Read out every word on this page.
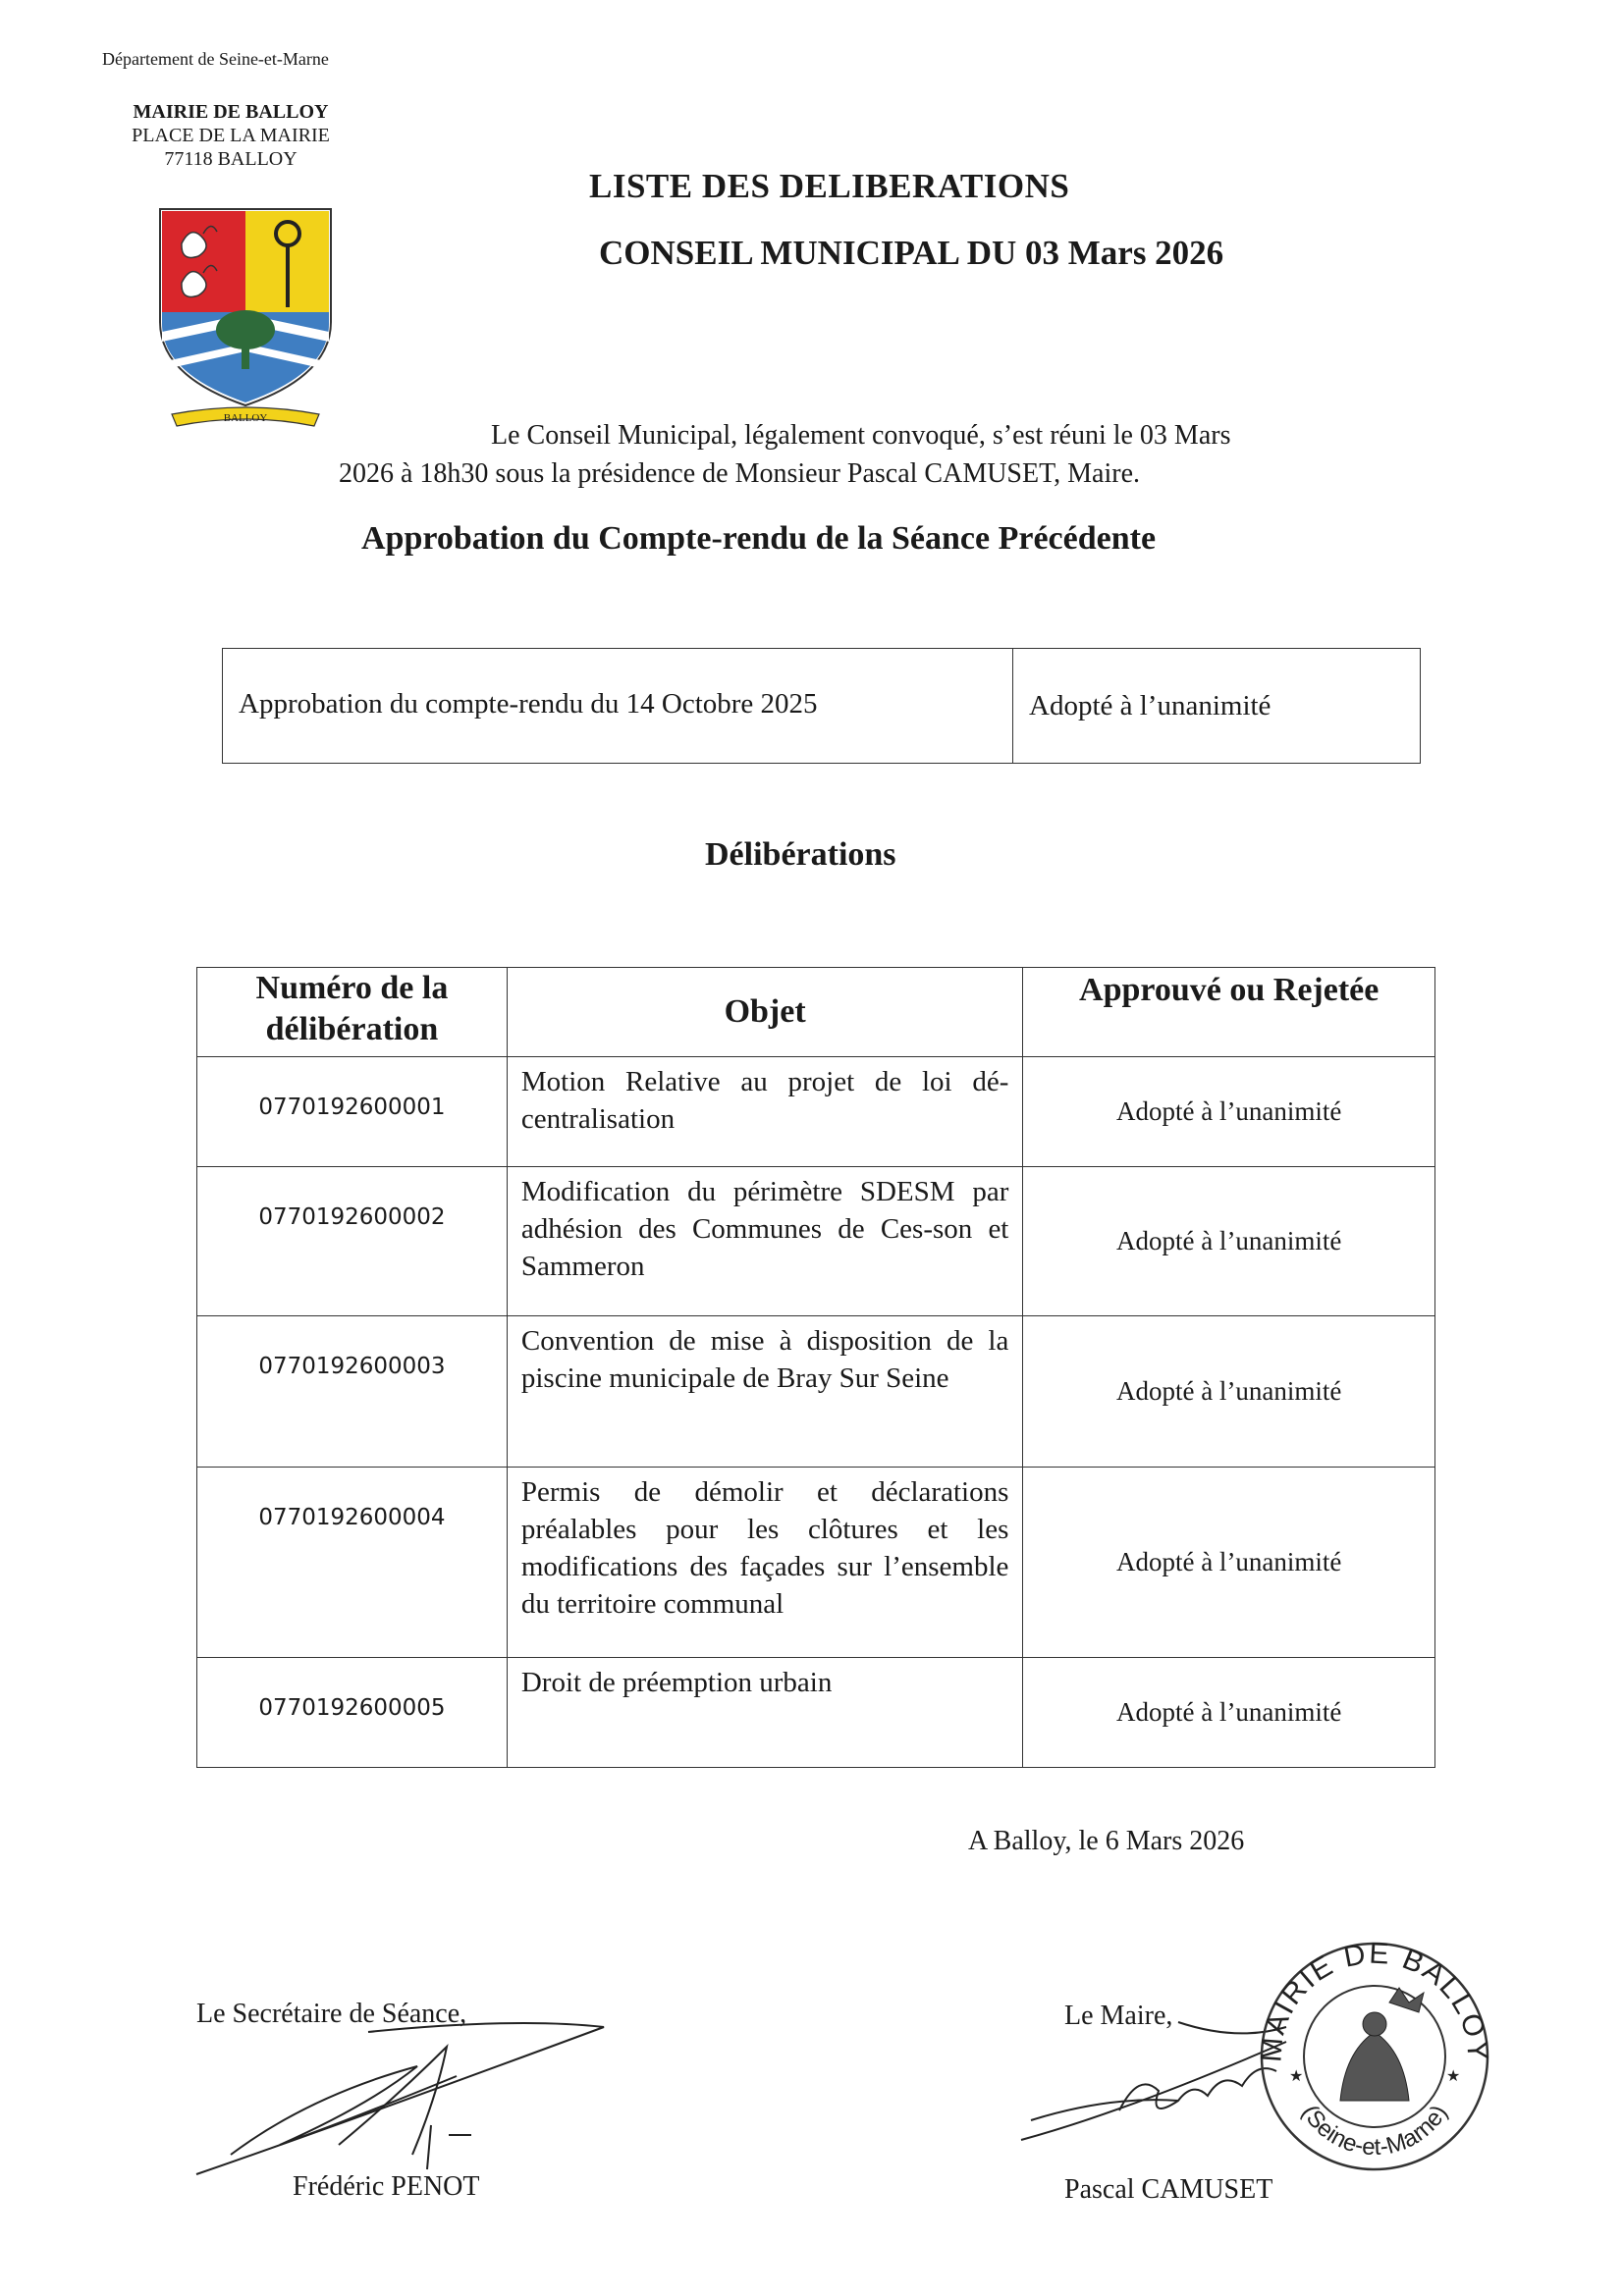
Département de Seine-et-Marne
MAIRIE DE BALLOY
PLACE DE LA MAIRIE
77118 BALLOY
BALLOY
LISTE DES DELIBERATIONS
CONSEIL MUNICIPAL DU 03 Mars 2026
Le Conseil Municipal, légalement convoqué, s’est réuni le 03 Mars
2026 à 18h30 sous la présidence de Monsieur Pascal CAMUSET, Maire.
Approbation du Compte-rendu de la Séance Précédente
Approbation du compte-rendu du 14 Octobre 2025	Adopté à l’unanimité
Délibérations
Numéro de la délibération	Objet	Approuvé ou Rejetée
0770192600001	Motion Relative au projet de loi dé-centralisation	Adopté à l’unanimité
0770192600002	Modification du périmètre SDESM par adhésion des Communes de Ces-son et Sammeron	Adopté à l’unanimité
0770192600003	Convention de mise à disposition de la piscine municipale de Bray Sur Seine	Adopté à l’unanimité
0770192600004	Permis de démolir et déclarations préalables pour les clôtures et les modifications des façades sur l’ensemble du territoire communal	Adopté à l’unanimité
0770192600005	Droit de préemption urbain	Adopté à l’unanimité
A Balloy, le 6 Mars 2026
Le Secrétaire de Séance,
Frédéric PENOT
Le Maire,
Pascal CAMUSET
MAIRIE DE BALLOY
(Seine-et-Marne)
★	★
